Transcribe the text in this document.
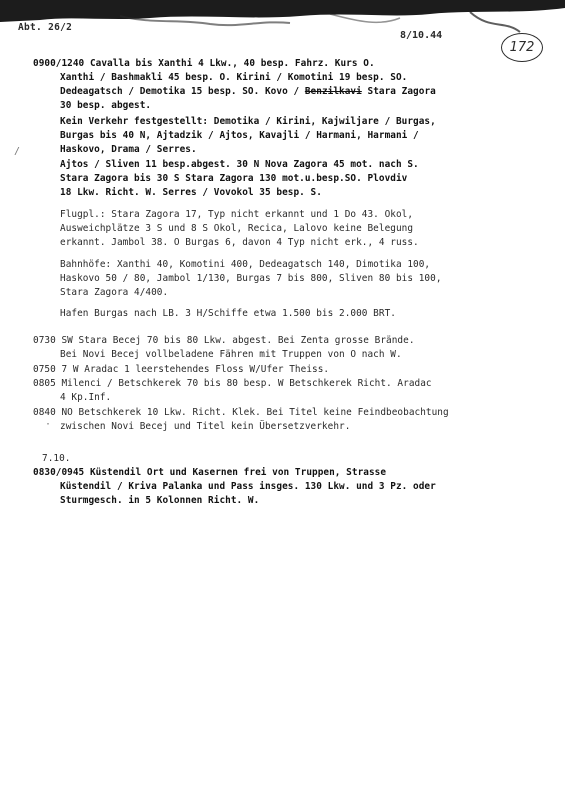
Abt. 26/2
8/10.44
172
/
·
0900/1240 Cavalla bis Xanthi 4 Lkw., 40 besp. Fahrz. Kurs O.
Xanthi / Bashmakli 45 besp. O. Kirini / Komotini 19 besp. SO.
Dedeagatsch / Demotika 15 besp. SO. Kovo / Benzilkavi Stara Zagora
30 besp. abgest.
Kein Verkehr festgestellt: Demotika / Kirini, Kajwiljare / Burgas,
Burgas bis 40 N, Ajtadzik / Ajtos, Kavajli / Harmani, Harmani /
Haskovo, Drama / Serres.
Ajtos / Sliven 11 besp.abgest. 30 N Nova Zagora 45 mot. nach S.
Stara Zagora bis 30 S Stara Zagora 130 mot.u.besp.SO. Plovdiv
18 Lkw. Richt. W. Serres / Vovokol 35 besp. S.
Flugpl.: Stara Zagora 17, Typ nicht erkannt und 1 Do 43. Okol,
Ausweichplätze 3 S und 8 S Okol, Recica, Lalovo keine Belegung
erkannt. Jambol 38. O Burgas 6, davon 4 Typ nicht erk., 4 russ.
Bahnhöfe: Xanthi 40, Komotini 400, Dedeagatsch 140, Dimotika 100,
Haskovo 50 / 80, Jambol 1/130, Burgas 7 bis 800, Sliven 80 bis 100,
Stara Zagora 4/400.
Hafen Burgas nach LB. 3 H/Schiffe etwa 1.500 bis 2.000 BRT.
0730 SW Stara Becej 70 bis 80 Lkw. abgest. Bei Zenta grosse Brände.
Bei Novi Becej vollbeladene Fähren mit Truppen von O nach W.
0750 7 W Aradac 1 leerstehendes Floss W/Ufer Theiss.
0805 Milenci / Betschkerek 70 bis 80 besp. W Betschkerek Richt. Aradac
4 Kp.Inf.
0840 NO Betschkerek 10 Lkw. Richt. Klek. Bei Titel keine Feindbeobachtung
zwischen Novi Becej und Titel kein Übersetzverkehr.
7.10.
0830/0945 Küstendil Ort und Kasernen frei von Truppen, Strasse
Küstendil / Kriva Palanka und Pass insges. 130 Lkw. und 3 Pz. oder
Sturmgesch. in 5 Kolonnen Richt. W.
